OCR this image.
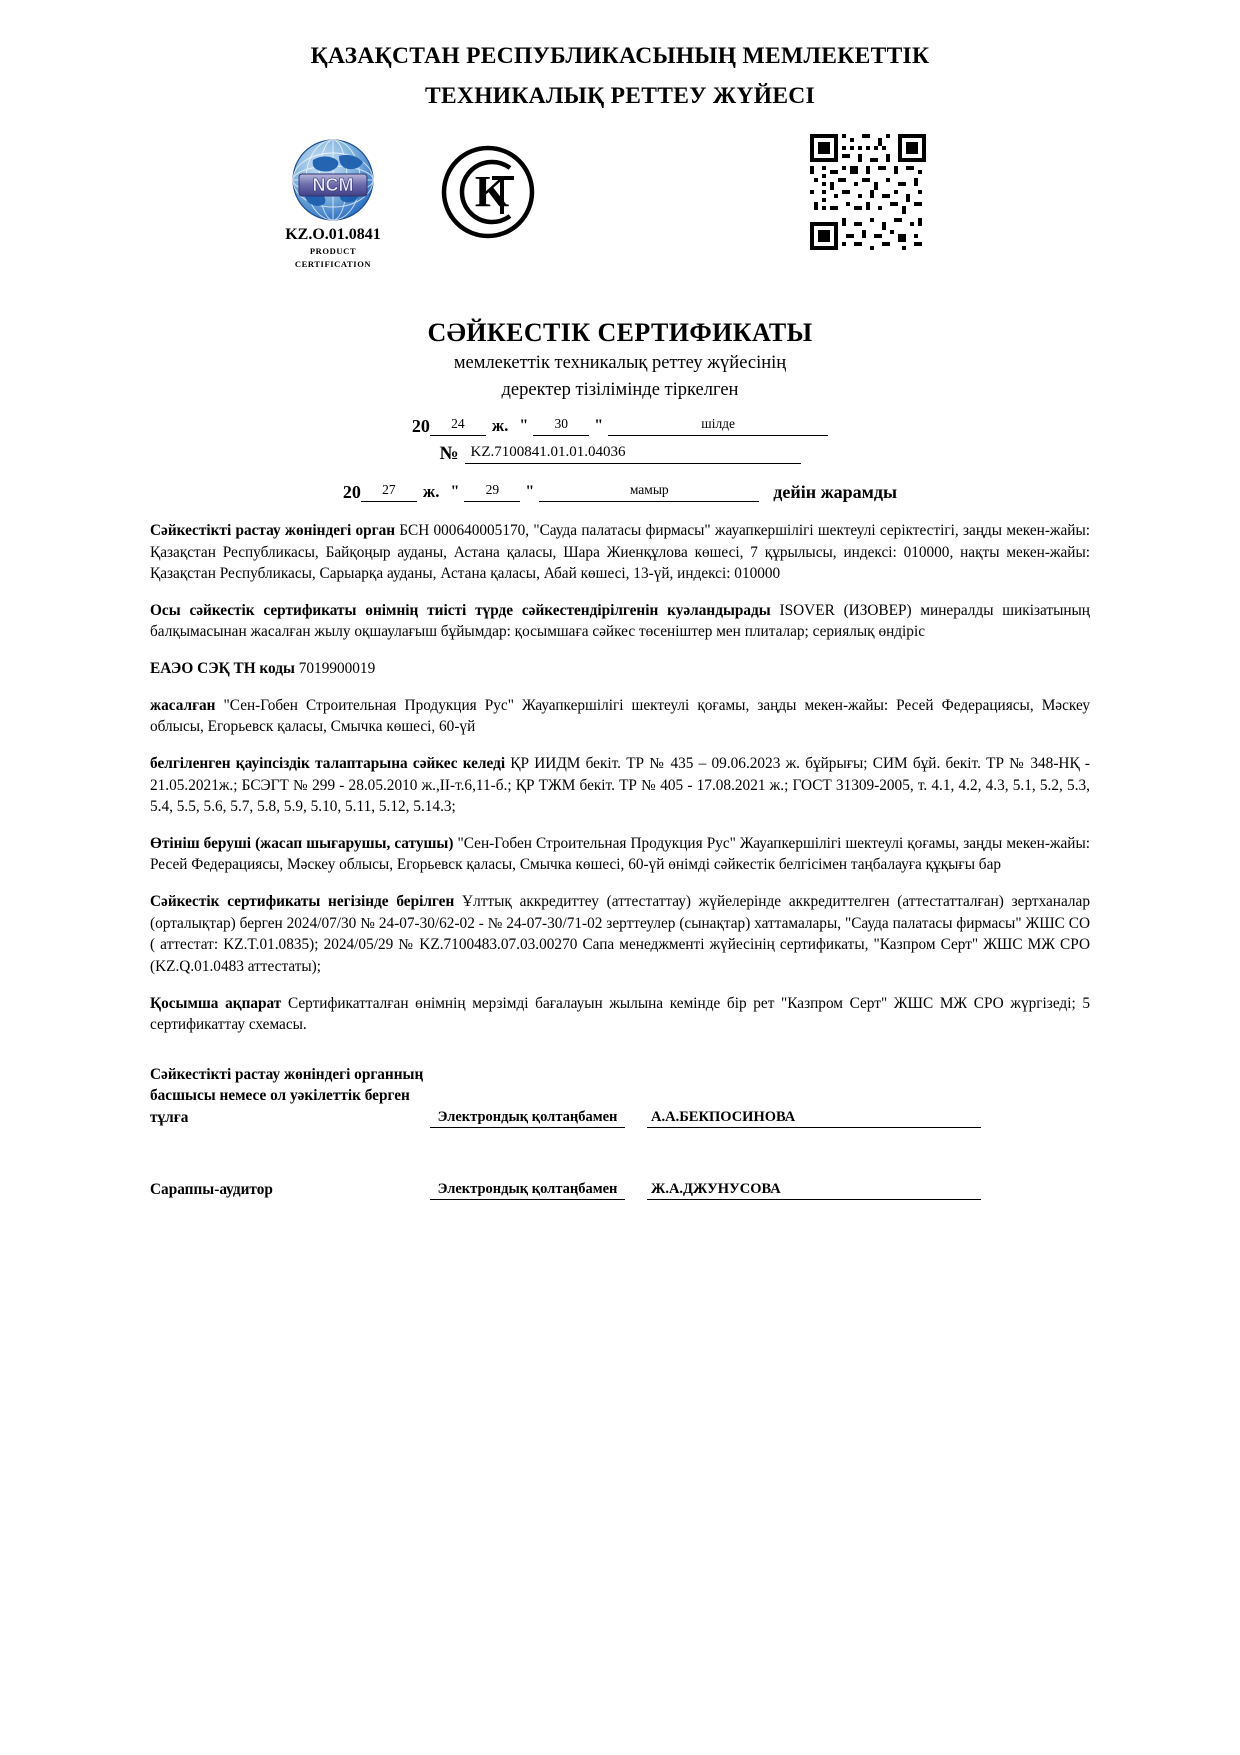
ҚАЗАҚСТАН РЕСПУБЛИКАСЫНЫҢ МЕМЛЕКЕТТІК
ТЕХНИКАЛЫҚ РЕТТЕУ ЖҮЙЕСІ
NCM
KZ.O.01.0841
PRODUCT
CERTIFICATION
K
СӘЙКЕСТІК СЕРТИФИКАТЫ
мемлекеттік техникалық реттеу жүйесінің
деректер тізілімінде тіркелген
20	24	ж. "	30	"	шілде
№ KZ.7100841.01.01.04036
20	27	ж. "	29	"	мамыр	дейін жарамды

Сәйкестікті растау жөніндегі орган БСН 000640005170, "Сауда палатасы фирмасы" жауапкершілігі шектеулі серіктестігі, заңды мекен-жайы: Қазақстан Республикасы, Байқоңыр ауданы, Астана қаласы, Шара Жиенқұлова көшесі, 7 құрылысы, индексі: 010000, нақты мекен-жайы: Қазақстан Республикасы, Сарыарқа ауданы, Астана қаласы, Абай көшесі, 13-үй, индексі: 010000

Осы сәйкестік сертификаты өнімнің тиісті түрде сәйкестендірілгенін куәландырады ISOVER (ИЗОВЕР) минералды шикізатының балқымасынан жасалған жылу оқшаулағыш бұйымдар: қосымшаға сәйкес төсеніштер мен плиталар; сериялық өндіріс

ЕАЭО СЭҚ ТН коды 7019900019

жасалған "Сен-Гобен Строительная Продукция Рус" Жауапкершілігі шектеулі қоғамы, заңды мекен-жайы: Ресей Федерациясы, Мәскеу облысы, Егорьевск қаласы, Смычка көшесі, 60-үй

белгіленген қауіпсіздік талаптарына сәйкес келеді ҚР ИИДМ бекіт. ТР № 435 – 09.06.2023 ж. бұйрығы; СИМ бұй. бекіт. ТР № 348-НҚ - 21.05.2021ж.; БСЭГТ № 299 - 28.05.2010 ж.,ІІ-т.6,11-б.; ҚР ТЖМ бекіт. ТР № 405 - 17.08.2021 ж.; ГОСТ 31309-2005, т. 4.1, 4.2, 4.3, 5.1, 5.2, 5.3, 5.4, 5.5, 5.6, 5.7, 5.8, 5.9, 5.10, 5.11, 5.12, 5.14.3;

Өтініш беруші (жасап шығарушы, сатушы) "Сен-Гобен Строительная Продукция Рус" Жауапкершілігі шектеулі қоғамы, заңды мекен-жайы: Ресей Федерациясы, Мәскеу облысы, Егорьевск қаласы, Смычка көшесі, 60-үй өнімді сәйкестік белгісімен таңбалауға құқығы бар

Сәйкестік сертификаты негізінде берілген Ұлттық аккредиттеу (аттестаттау) жүйелерінде аккредиттелген (аттестатталған) зертханалар (орталықтар) берген 2024/07/30 № 24-07-30/62-02 - № 24-07-30/71-02 зерттеулер (сынақтар) хаттамалары, "Сауда палатасы фирмасы" ЖШС СО ( аттестат: KZ.T.01.0835); 2024/05/29 № KZ.7100483.07.03.00270 Сапа менеджменті жүйесінің сертификаты, "Казпром Серт" ЖШС МЖ СРО (KZ.Q.01.0483 аттестаты);

Қосымша ақпарат Сертификатталған өнімнің мерзімді бағалауын жылына кемінде бір рет "Казпром Серт" ЖШС МЖ СРО жүргізеді; 5 сертификаттау схемасы.

Сәйкестікті растау жөніндегі органның
басшысы немесе ол уәкілеттік берген
тұлға	Электрондық қолтаңбамен	А.А.БЕКПОСИНОВА
Сараппы-аудитор	Электрондық қолтаңбамен	Ж.А.ДЖУНУСОВА
